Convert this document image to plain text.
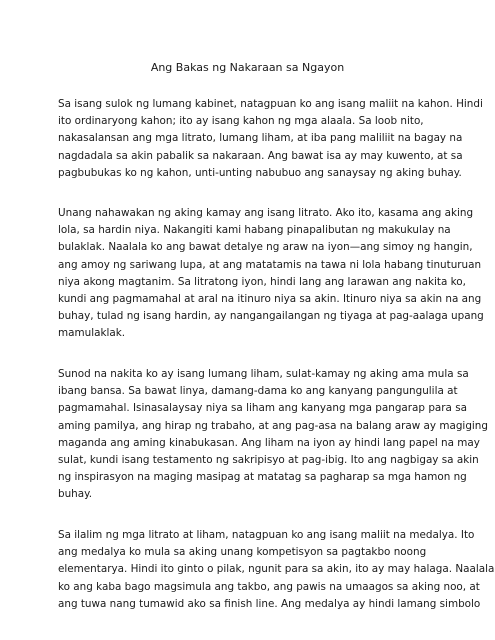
Ang Bakas ng Nakaraan sa Ngayon

Sa isang sulok ng lumang kabinet, natagpuan ko ang isang maliit na kahon. Hindi
ito ordinaryong kahon; ito ay isang kahon ng mga alaala. Sa loob nito,
nakasalansan ang mga litrato, lumang liham, at iba pang maliliit na bagay na
nagdadala sa akin pabalik sa nakaraan. Ang bawat isa ay may kuwento, at sa
pagbubukas ko ng kahon, unti-unting nabubuo ang sanaysay ng aking buhay.

Unang nahawakan ng aking kamay ang isang litrato. Ako ito, kasama ang aking
lola, sa hardin niya. Nakangiti kami habang pinapalibutan ng makukulay na
bulaklak. Naalala ko ang bawat detalye ng araw na iyon—ang simoy ng hangin,
ang amoy ng sariwang lupa, at ang matatamis na tawa ni lola habang tinuturuan
niya akong magtanim. Sa litratong iyon, hindi lang ang larawan ang nakita ko,
kundi ang pagmamahal at aral na itinuro niya sa akin. Itinuro niya sa akin na ang
buhay, tulad ng isang hardin, ay nangangailangan ng tiyaga at pag-aalaga upang
mamulaklak.

Sunod na nakita ko ay isang lumang liham, sulat-kamay ng aking ama mula sa
ibang bansa. Sa bawat linya, damang-dama ko ang kanyang pangungulila at
pagmamahal. Isinasalaysay niya sa liham ang kanyang mga pangarap para sa
aming pamilya, ang hirap ng trabaho, at ang pag-asa na balang araw ay magiging
maganda ang aming kinabukasan. Ang liham na iyon ay hindi lang papel na may
sulat, kundi isang testamento ng sakripisyo at pag-ibig. Ito ang nagbigay sa akin
ng inspirasyon na maging masipag at matatag sa pagharap sa mga hamon ng
buhay.

Sa ilalim ng mga litrato at liham, natagpuan ko ang isang maliit na medalya. Ito
ang medalya ko mula sa aking unang kompetisyon sa pagtakbo noong
elementarya. Hindi ito ginto o pilak, ngunit para sa akin, ito ay may halaga. Naalala
ko ang kaba bago magsimula ang takbo, ang pawis na umaagos sa aking noo, at
ang tuwa nang tumawid ako sa finish line. Ang medalya ay hindi lamang simbolo
